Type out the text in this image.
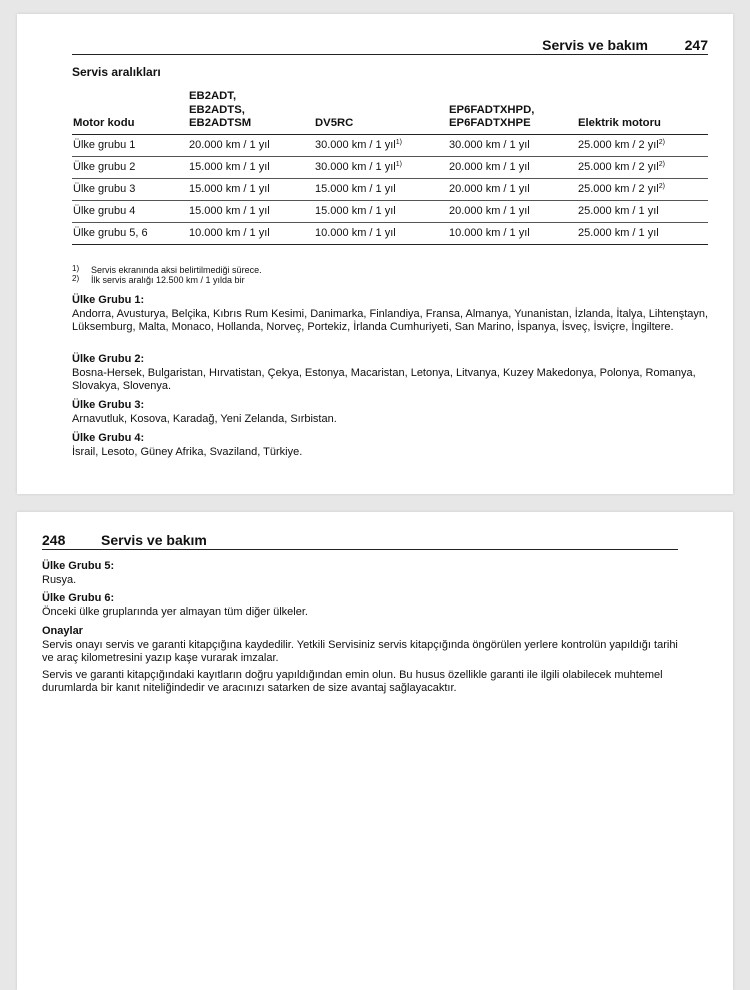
Servis ve bakım	247
Servis aralıkları
Motor kodu	EB2ADT,
EB2ADTS,
EB2ADTSM	DV5RC	EP6FADTXHPD,
EP6FADTXHPE	Elektrik motoru
Ülke grubu 1	20.000 km / 1 yıl	30.000 km / 1 yıl$^{1)}$	30.000 km / 1 yıl	25.000 km / 2 yıl$^{2)}$
Ülke grubu 2	15.000 km / 1 yıl	30.000 km / 1 yıl$^{1)}$	20.000 km / 1 yıl	25.000 km / 2 yıl$^{2)}$
Ülke grubu 3	15.000 km / 1 yıl	15.000 km / 1 yıl	20.000 km / 1 yıl	25.000 km / 2 yıl$^{2)}$
Ülke grubu 4	15.000 km / 1 yıl	15.000 km / 1 yıl	20.000 km / 1 yıl	25.000 km / 1 yıl
Ülke grubu 5, 6	10.000 km / 1 yıl	10.000 km / 1 yıl	10.000 km / 1 yıl	25.000 km / 1 yıl
1) Servis ekranında aksi belirtilmediği sürece.
2) İlk servis aralığı 12.500 km / 1 yılda bir
Ülke Grubu 1:
Andorra, Avusturya, Belçika, Kıbrıs Rum Kesimi, Danimarka, Finlandiya, Fransa, Almanya, Yunanistan, İzlanda, İtalya, Lihtenştayn, Lüksemburg, Malta, Monaco, Hollanda, Norveç, Portekiz, İrlanda Cumhuriyeti, San Marino, İspanya, İsveç, İsviçre, İngiltere.
Ülke Grubu 2:
Bosna-Hersek, Bulgaristan, Hırvatistan, Çekya, Estonya, Macaristan, Letonya, Litvanya, Kuzey Makedonya, Polonya, Romanya, Slovakya, Slovenya.
Ülke Grubu 3:
Arnavutluk, Kosova, Karadağ, Yeni Zelanda, Sırbistan.
Ülke Grubu 4:
İsrail, Lesoto, Güney Afrika, Svaziland, Türkiye.
248	Servis ve bakım
Ülke Grubu 5:
Rusya.
Ülke Grubu 6:
Önceki ülke gruplarında yer almayan tüm diğer ülkeler.
Onaylar
Servis onayı servis ve garanti kitapçığına kaydedilir. Yetkili Servisiniz servis kitapçığında öngörülen yerlere kontrolün yapıldığı tarihi ve araç kilometresini yazıp kaşe vurarak imzalar.
Servis ve garanti kitapçığındaki kayıtların doğru yapıldığından emin olun. Bu husus özellikle garanti ile ilgili olabilecek muhtemel durumlarda bir kanıt niteliğindedir ve aracınızı satarken de size avantaj sağlayacaktır.
